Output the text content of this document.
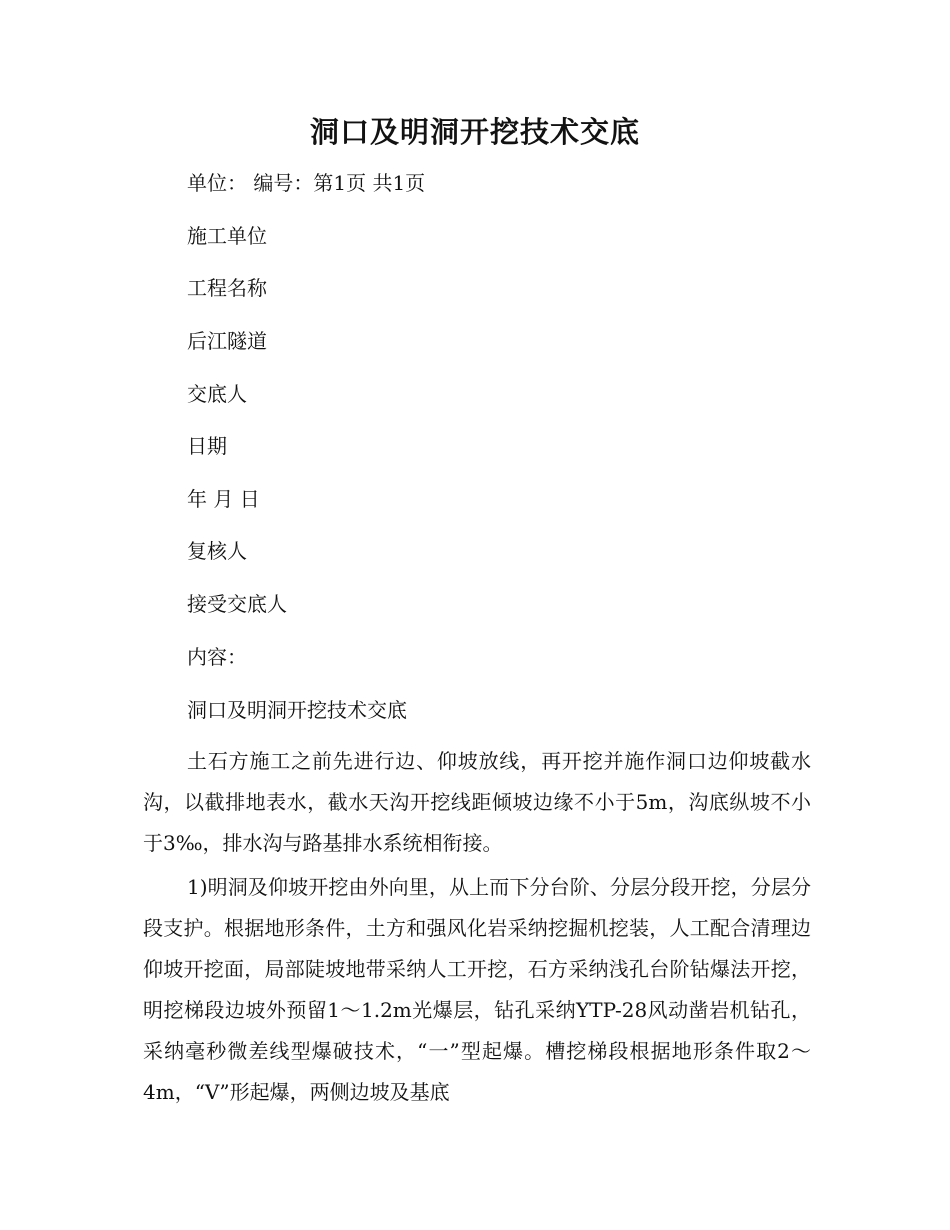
洞口及明洞开挖技术交底
单位： 编号：第1页 共1页
施工单位
工程名称
后江隧道
交底人
日期
年 月 日
复核人
接受交底人
内容：
洞口及明洞开挖技术交底
土石方施工之前先进行边、仰坡放线，再开挖并施作洞口边仰坡截水沟，以截排地表水，截水天沟开挖线距倾坡边缘不小于5m，沟底纵坡不小于3‰，排水沟与路基排水系统相衔接。
1)明洞及仰坡开挖由外向里，从上而下分台阶、分层分段开挖，分层分段支护。根据地形条件，土方和强风化岩采纳挖掘机挖装，人工配合清理边仰坡开挖面，局部陡坡地带采纳人工开挖，石方采纳浅孔台阶钻爆法开挖，明挖梯段边坡外预留1～1.2m光爆层，钻孔采纳YTP-28风动凿岩机钻孔，采纳毫秒微差线型爆破技术，“一”型起爆。槽挖梯段根据地形条件取2～4m，“Ⅴ”形起爆，两侧边坡及基底
